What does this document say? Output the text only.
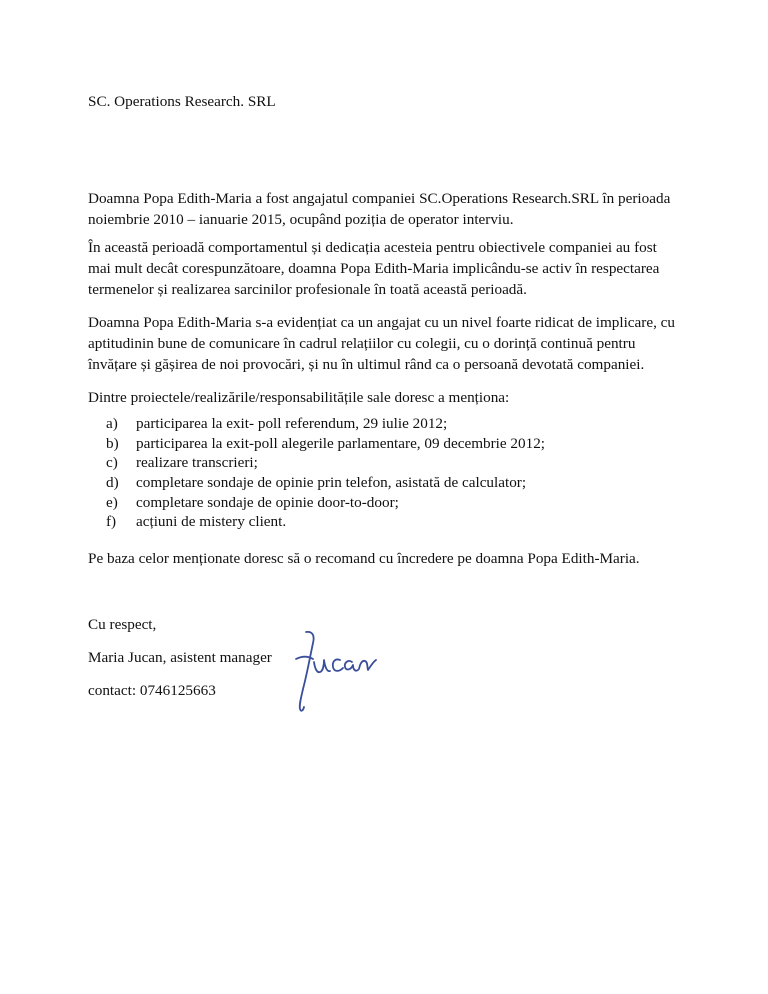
SC. Operations Research. SRL

Doamna Popa Edith-Maria a fost angajatul companiei SC.Operations Research.SRL în perioada
noiembrie 2010 – ianuarie 2015, ocupând poziția de operator interviu.
În această perioadă comportamentul și dedicația acesteia pentru obiectivele companiei au fost
mai mult decât corespunzătoare, doamna Popa Edith-Maria implicându-se activ în respectarea
termenelor și realizarea sarcinilor profesionale în toată această perioadă.
Doamna Popa Edith-Maria s-a evidențiat ca un angajat cu un nivel foarte ridicat de implicare, cu
aptitudinin bune de comunicare în cadrul relațiilor cu colegii, cu o dorință continuă pentru
învățare și gășirea de noi provocări, și nu în ultimul rând ca o persoană devotată companiei.

Dintre proiectele/realizările/responsabilitățile sale doresc a menționa:

a) participarea la exit- poll referendum, 29 iulie 2012;
b) participarea la exit-poll alegerile parlamentare, 09 decembrie 2012;
c) realizare transcrieri;
d) completare sondaje de opinie prin telefon, asistată de calculator;
e) completare sondaje de opinie door-to-door;
f) acțiuni de mistery client.

Pe baza celor menționate doresc să o recomand cu încredere pe doamna Popa Edith-Maria.

Cu respect,

Maria Jucan, asistent manager

contact: 0746125663
